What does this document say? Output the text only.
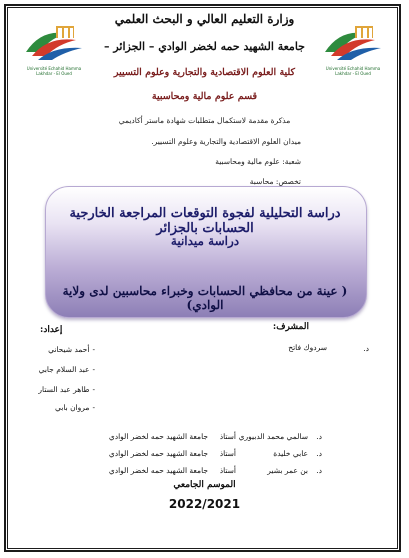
Université Echahid Hamma Lakhdar - El Oued
Université Echahid Hamma Lakhdar - El Oued
وزارة التعليم العالي و البحث العلمي
جامعة الشهيد حمه لخضر الوادي – الجزائر –
كلية العلوم الاقتصادية والتجارية وعلوم التسيير
قسم علوم مالية ومحاسبية
مذكرة مقدمة لاستكمال متطلبات شهادة ماستر أكاديمي
ميدان العلوم الاقتصادية والتجارية وعلوم التسيير.
شعبة: علوم مالية ومحاسبية
تخصص: محاسبة
دراسة التحليلية لفجوة التوقعات المراجعة الخارجية الحسابات بالجزائر
دراسة ميدانية
( عينة من محافظي الحسابات وخبراء محاسبين لدى ولاية الوادي)
المشرف:
سردوك فاتح	د.
إعداد:
-أحمد شيحاني
-عبد السلام جابي
-طاهر عبد الستار
-مروان بابي
د.
سالمي محمد الدبيوري
أستاذ
جامعة الشهيد حمه لخضر الوادي
د.
عابي خليدة
أستاذ
جامعة الشهيد حمه لخضر الوادي
د.
بن عمر بشير
أستاذ
جامعة الشهيد حمه لخضر الوادي
الموسم الجامعي
2022/2021
